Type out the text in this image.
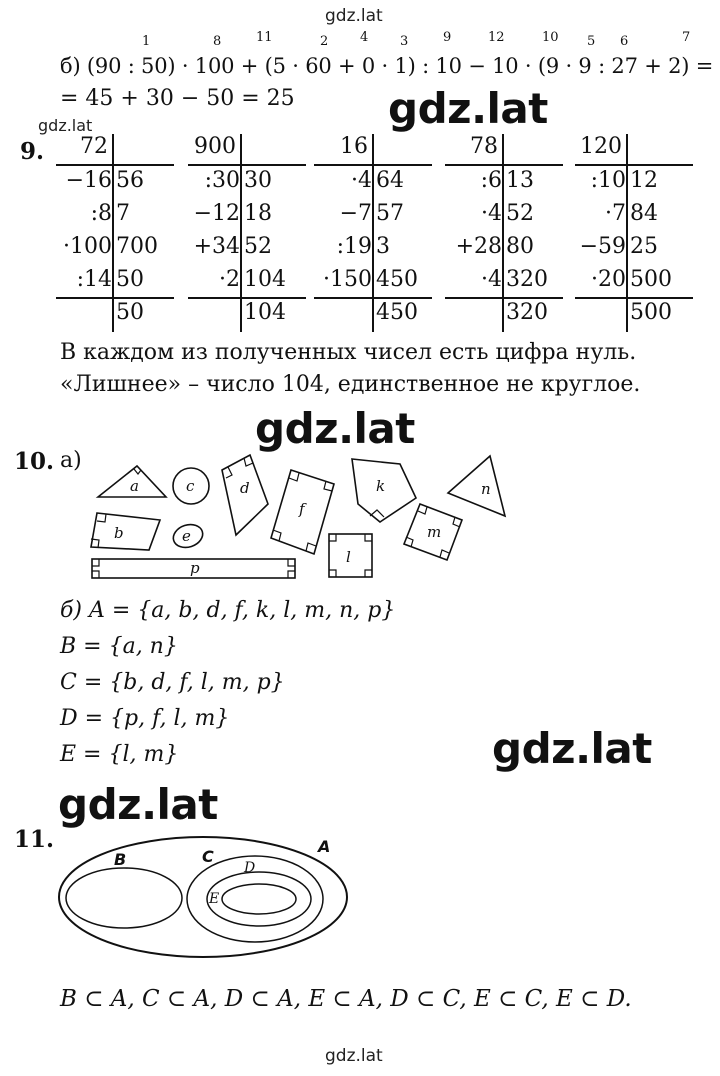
gdz.lat
gdz.lat	gdz.lat
gdz.lat
gdz.lat
gdz.lat
gdz.lat
1	8	11	2 4 3	9	12	10 5 6	7
б) (90 : 50) · 100 + (5 · 60 + 0 · 1) : 10 − 10 · (9 · 9 : 27 + 2) =
= 45 + 30 − 50 = 25
9.	72
−16 56
:8 7
·100 700
:14 50
50
900
:30 30
−12 18
+34 52
·2 104
104
16
·4 64
−7 57
:19 3
·150 450
450
78
:6 13
·4 52
+28 80
·4 320
320
120
:10 12
·7 84
−59 25
·20 500
500
В каждом из полученных чисел есть цифра нуль.
«Лишнее» – число 104, единственное не круглое.
10. а)
a	c	d
f
k	n
b	e
l
m
p
б) A = {a, b, d, f, k, l, m, n, p}
B = {a, n}
C = {b, d, f, l, m, p}
D = {p, f, l, m}
E = {l, m}
11.	A
B	C
D
E
B ⊂ A, C ⊂ A, D ⊂ A, E ⊂ A, D ⊂ C, E ⊂ C, E ⊂ D.
